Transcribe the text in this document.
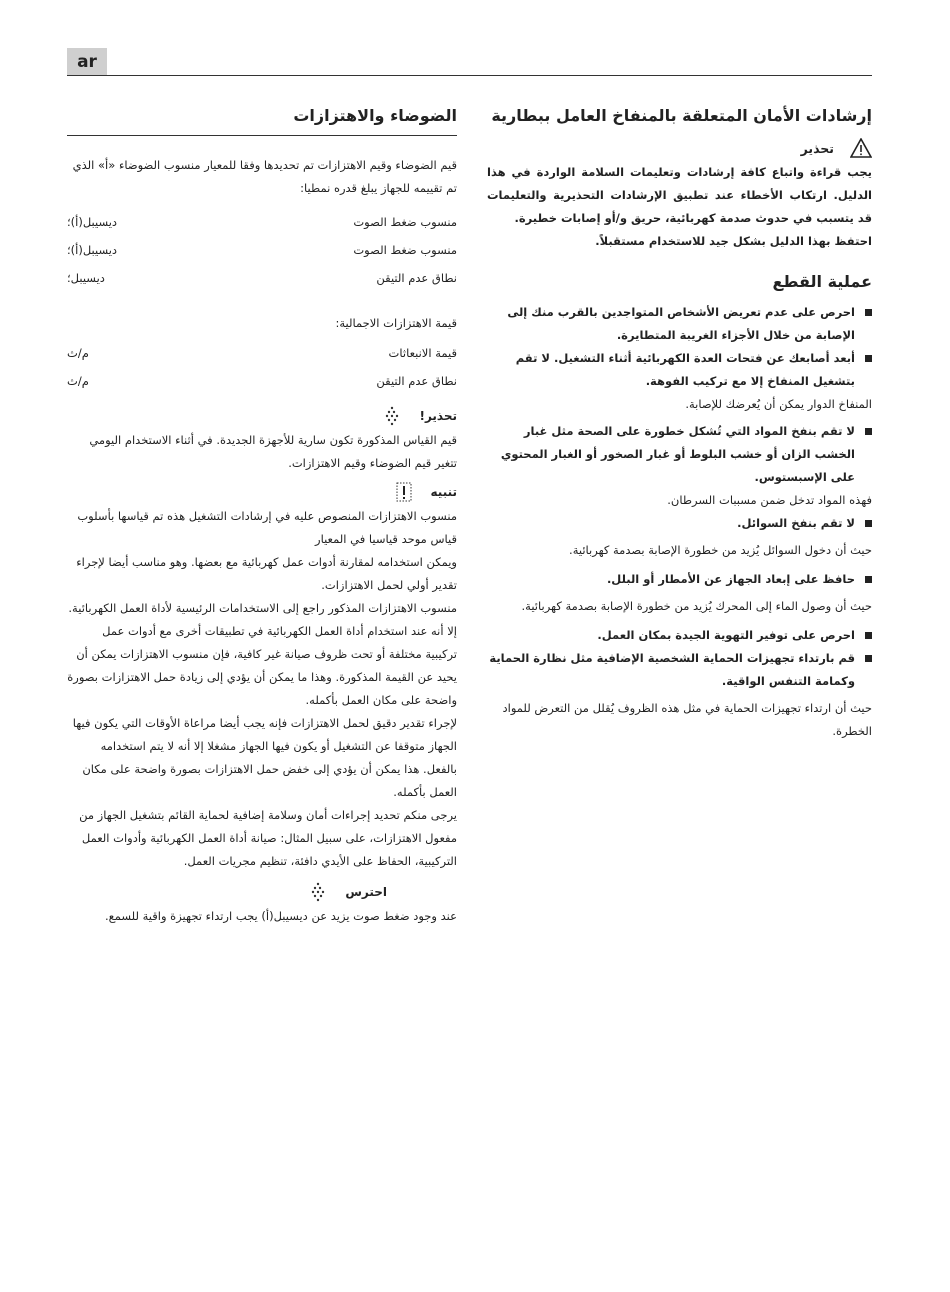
ar
إرشادات الأمان المتعلقة بالمنفاخ العامل ببطارية
تحذير

يجب قراءة واتباع كافة إرشادات وتعليمات السلامة الواردة في هذا الدليل. ارتكاب الأخطاء عند تطبيق الإرشادات التحذيرية والتعليمات قد يتسبب في حدوث صدمة كهربائية، حريق و/أو إصابات خطيرة.

احتفظ بهذا الدليل بشكل جيد للاستخدام مستقبلاً.

عملية القطع
احرص على عدم تعريض الأشخاص المتواجدين بالقرب منك إلى الإصابة من خلال الأجزاء الغريبة المتطايرة.
أبعد أصابعك عن فتحات العدة الكهربائية أثناء التشغيل. لا تقم بتشغيل المنفاخ إلا مع تركيب الفوهة.

المنفاخ الدوار يمكن أن يُعرضك للإصابة.

لا تقم بنفخ المواد التي تُشكل خطورة على الصحة مثل غبار الخشب الزان أو خشب البلوط أو غبار الصخور أو الغبار المحتوي على الإسبستوس.

فهذه المواد تدخل ضمن مسببات السرطان.

لا تقم بنفخ السوائل.

حيث أن دخول السوائل يُزيد من خطورة الإصابة بصدمة كهربائية.

حافظ على إبعاد الجهاز عن الأمطار أو البلل.

حيث أن وصول الماء إلى المحرك يُزيد من خطورة الإصابة بصدمة كهربائية.

احرص على توفير التهوية الجيدة بمكان العمل.
قم بارتداء تجهيزات الحماية الشخصية الإضافية مثل نظارة الحماية وكمامة التنفس الواقية.

حيث أن ارتداء تجهيزات الحماية في مثل هذه الظروف يُقلل من التعرض للمواد الخطرة.

الضوضاء والاهتزازات

قيم الضوضاء وقيم الاهتزازات تم تحديدها وفقا للمعيار منسوب الضوضاء «أ» الذي تم تقييمه للجهاز يبلغ قدره نمطيا:

منسوب ضغط الصوت
ديسيبل(أ)؛
منسوب ضغط الصوت
ديسيبل(أ)؛
نطاق عدم التيقن
ديسيبل؛

قيمة الاهتزازات الاجمالية:

قيمة الانبعاثات
م/ث
نطاق عدم التيقن
م/ث
تحذير!

قيم القياس المذكورة تكون سارية للأجهزة الجديدة. في أثناء الاستخدام اليومي تتغير قيم الضوضاء وقيم الاهتزازات.

تنبيه

منسوب الاهتزازات المنصوص عليه في إرشادات التشغيل هذه تم قياسها بأسلوب قياس موحد قياسيا في المعيار

ويمكن استخدامه لمقارنة أدوات عمل كهربائية مع بعضها. وهو مناسب أيضا لإجراء تقدير أولي لحمل الاهتزازات.

منسوب الاهتزازات المذكور راجع إلى الاستخدامات الرئيسية لأداة العمل الكهربائية. إلا أنه عند استخدام أداة العمل الكهربائية في تطبيقات أخرى مع أدوات عمل تركيبية مختلفة أو تحت ظروف صيانة غير كافية، فإن منسوب الاهتزازات يمكن أن يحيد عن القيمة المذكورة. وهذا ما يمكن أن يؤدي إلى زيادة حمل الاهتزازات بصورة واضحة على مكان العمل بأكمله.

لإجراء تقدير دقيق لحمل الاهتزازات فإنه يجب أيضا مراعاة الأوقات التي يكون فيها الجهاز متوقفا عن التشغيل أو يكون فيها الجهاز مشغلا إلا أنه لا يتم استخدامه بالفعل. هذا يمكن أن يؤدي إلى خفض حمل الاهتزازات بصورة واضحة على مكان العمل بأكمله.

يرجى منكم تحديد إجراءات أمان وسلامة إضافية لحماية القائم بتشغيل الجهاز من مفعول الاهتزازات، على سبيل المثال: صيانة أداة العمل الكهربائية وأدوات العمل التركيبية، الحفاظ على الأيدي دافئة، تنظيم مجريات العمل.

احترس

عند وجود ضغط صوت يزيد عن ديسيبل(أ) يجب ارتداء تجهيزة واقية للسمع.
